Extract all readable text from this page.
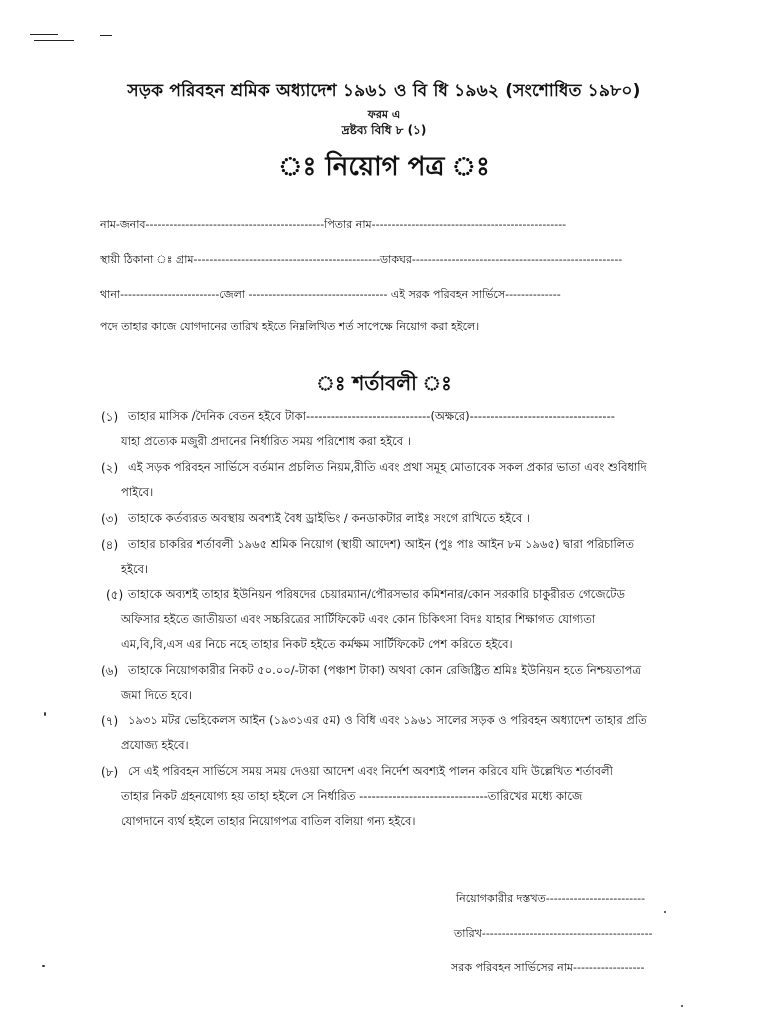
সড়ক পরিবহন শ্রমিক অধ্যাদেশ ১৯৬১ ও বি ধি ১৯৬২ (সংশোধিত ১৯৮০)
ফরম এ
দ্রষ্টব্য বিধি ৮ (১)
ঃ নিয়োগ পত্র ঃ
নাম-জনাব---------------------------------------------পিতার নাম-------------------------------------------------
স্থায়ী ঠিকানা ঃ গ্রাম-----------------------------------------------ডাকঘর-----------------------------------------------------
থানা-------------------------জেলা ----------------------------------- এই সরক পরিবহন সার্ভিসে--------------
পদে তাহার কাজে যোগদানের তারিখ হইতে নিম্নলিখিত শর্ত সাপেক্ষে নিয়োগ করা হইলে।
ঃ শর্তাবলী ঃ
(১) তাহার মাসিক /দৈনিক বেতন হইবে টাকা------------------------------(অক্ষরে)-----------------------------------
যাহা প্রত্যেক মজুরী প্রদানের নির্ধারিত সময় পরিশোধ করা হইবে ।
(২) এই সড়ক পরিবহন সার্ভিসে বর্তমান প্রচলিত নিয়ম,রীতি এবং প্রথা সমূহ মোতাবেক সকল প্রকার ভাতা এবং শুবিধাদি
পাইবে।
(৩) তাহাকে কর্তব্যরত অবস্থায় অবশ্যই বৈধ ড্রাইভিং / কনডাকটার লাইঃ সংগে রাখিতে হইবে ।
(৪) তাহার চাকরির শর্তাবলী ১৯৬৫ শ্রমিক নিয়োগ (স্থায়ী আদেশ) আইন (পুঃ পাঃ আইন ৮ম ১৯৬৫) দ্বারা পরিচালিত
হইবে।
(৫) তাহাকে অব্যশই তাহার ইউনিয়ন পরিষদের চেয়ারম্যান/পৌরসভার কমিশনার/কোন সরকারি চাকুরীরত গেজেটেড
অফিসার হইতে জাতীয়তা এবং সচ্চরিত্রের সার্টিফিকেট এবং কোন চিকিৎসা বিদঃ যাহার শিক্ষাগত যোগ্যতা
এম,বি,বি,এস এর নিচে নহে তাহার নিকট হইতে কর্মক্ষম সার্টিফিকেট পেশ করিতে হইবে।
(৬) তাহাকে নিয়োগকারীর নিকট ৫০.০০/-টাকা (পঞ্চাশ টাকা) অথবা কোন রেজিষ্ট্রিত শ্রমিঃ ইউনিয়ন হতে নিশ্চয়তাপত্র
জমা দিতে হবে।
(৭) ১৯৩১ মটর ভেহিকেলস আইন (১৯৩১এর ৫ম) ও বিধি এবং ১৯৬১ সালের সড়ক ও পরিবহন অধ্যাদেশ তাহার প্রতি
প্রযোজ্য হইবে।
(৮) সে এই পরিবহন সার্ভিসে সময় সময় দেওয়া আদেশ এবং নির্দেশ অবশ্যই পালন করিবে যদি উল্লেখিত শর্তাবলী
তাহার নিকট গ্রহনযোগ্য হয় তাহা হইলে সে নির্ধারিত -------------------------------তারিখের মধ্যে কাজে
যোগদানে ব্যর্থ হইলে তাহার নিয়োগপত্র বাতিল বলিয়া গন্য হইবে।
নিয়োগকারীর দস্তখত-------------------------
তারিখ-------------------------------------------
সরক পরিবহন সার্ভিসের নাম------------------
